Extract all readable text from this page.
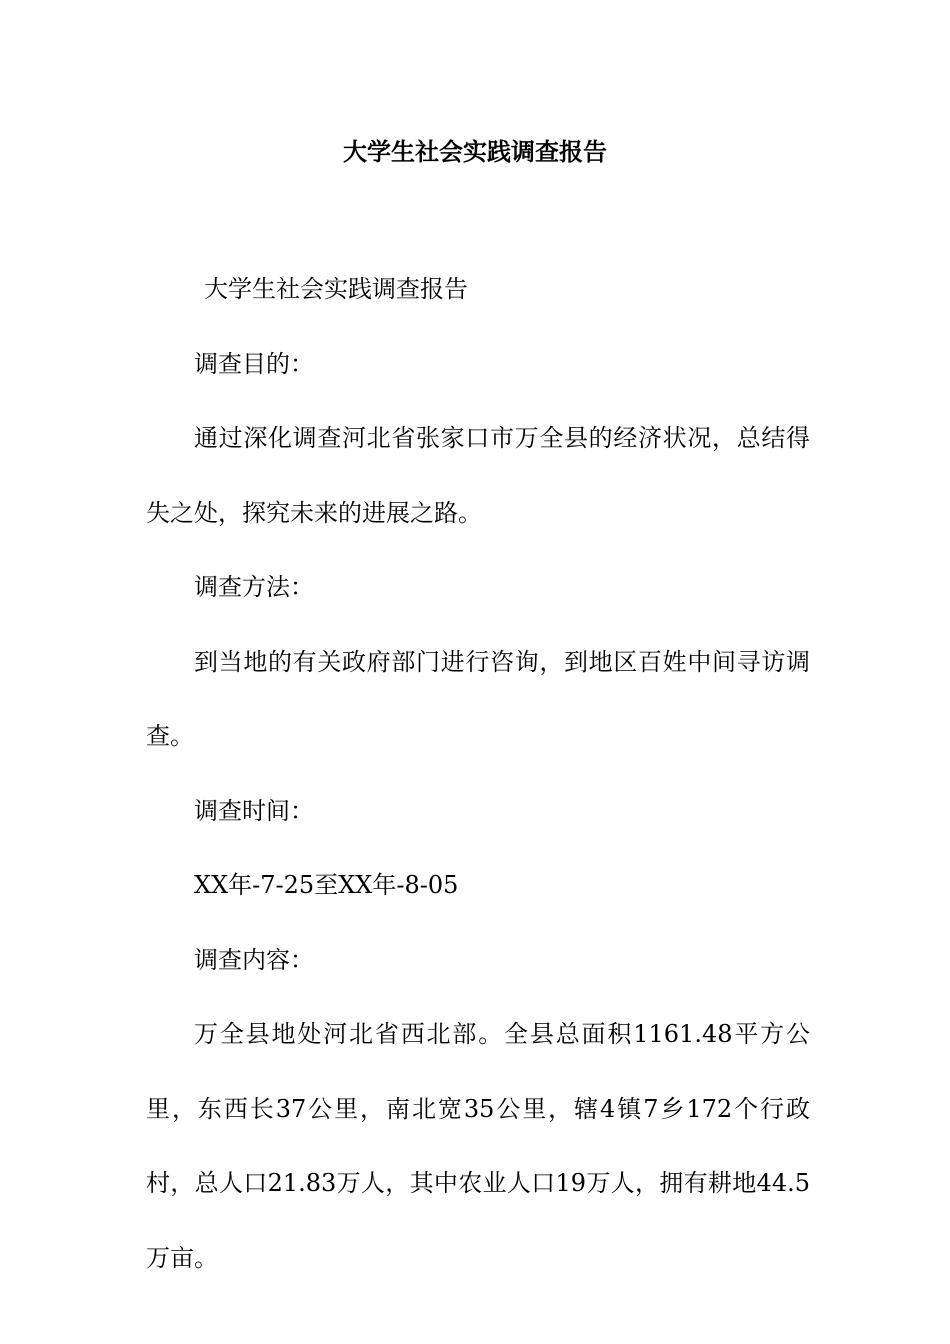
大学生社会实践调查报告

大学生社会实践调查报告

调查目的：

通过深化调查河北省张家口市万全县的经济状况，总结得失之处，探究未来的进展之路。

调查方法：

到当地的有关政府部门进行咨询，到地区百姓中间寻访调查。

调查时间：

XX年-7-25至XX年-8-05

调查内容：

万全县地处河北省西北部。全县总面积1161.48平方公里，东西长37公里，南北宽35公里，辖4镇7乡172个行政村，总人口21.83万人，其中农业人口19万人，拥有耕地44.5万亩。
